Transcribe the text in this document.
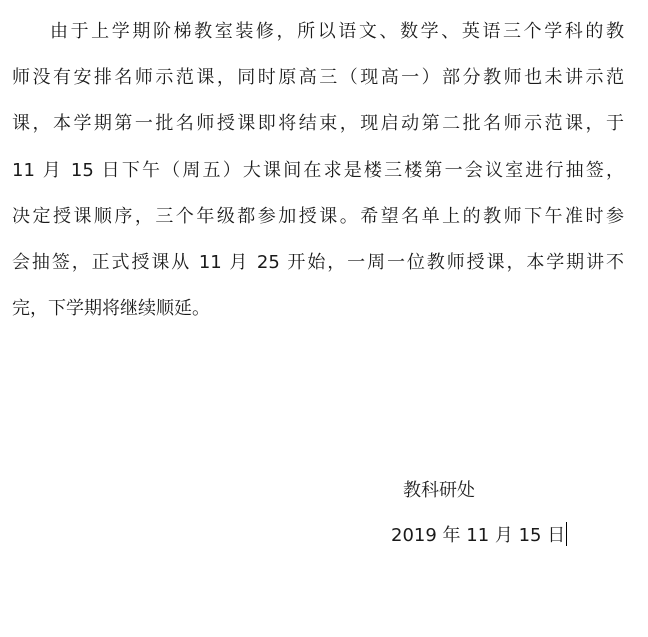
由于上学期阶梯教室装修，所以语文、数学、英语三个学科的教
师没有安排名师示范课，同时原高三（现高一）部分教师也未讲示范
课，本学期第一批名师授课即将结束，现启动第二批名师示范课，于
11 月 15 日下午（周五）大课间在求是楼三楼第一会议室进行抽签，
决定授课顺序，三个年级都参加授课。希望名单上的教师下午准时参
会抽签，正式授课从 11 月 25 开始，一周一位教师授课，本学期讲不
完，下学期将继续顺延。
教科研处
2019 年 11 月 15 日
